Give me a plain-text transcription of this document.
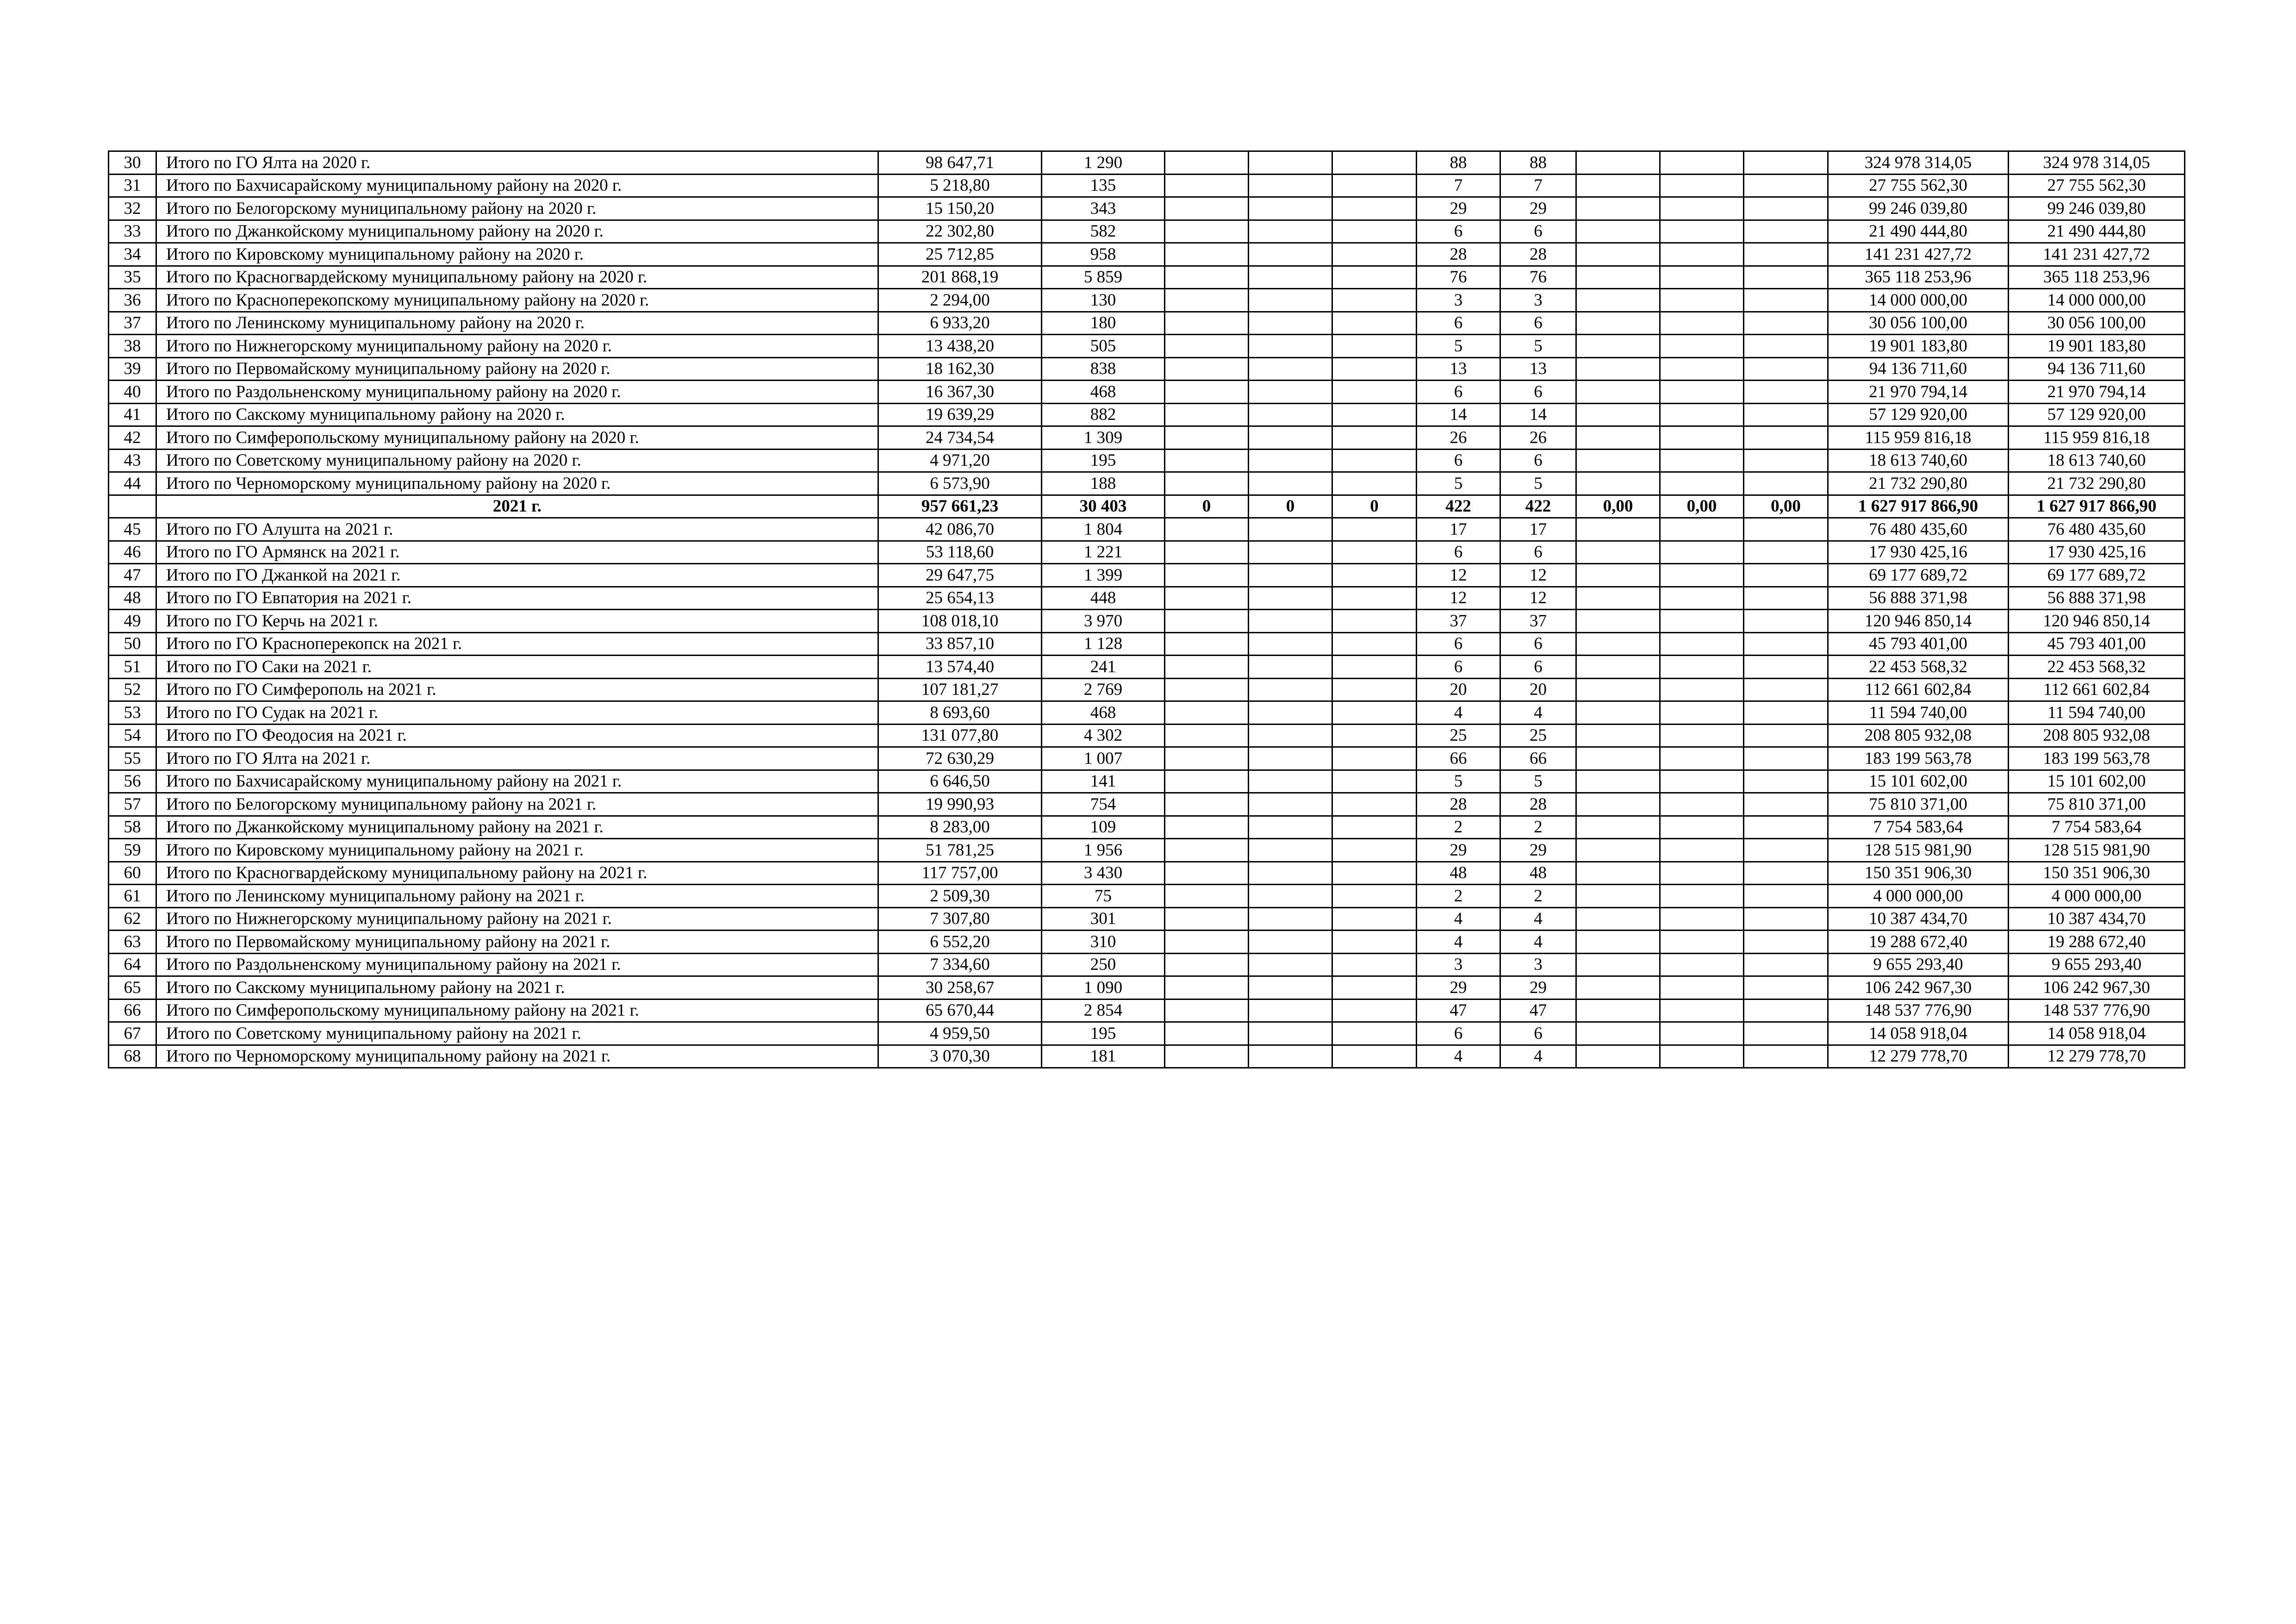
30	Итого по ГО Ялта на 2020 г.	98 647,71	1 290				88	88				324 978 314,05	324 978 314,05
31	Итого по Бахчисарайскому муниципальному району на 2020 г.	5 218,80	135				7	7				27 755 562,30	27 755 562,30
32	Итого по Белогорскому муниципальному району на 2020 г.	15 150,20	343				29	29				99 246 039,80	99 246 039,80
33	Итого по Джанкойскому муниципальному району на 2020 г.	22 302,80	582				6	6				21 490 444,80	21 490 444,80
34	Итого по Кировскому муниципальному району на 2020 г.	25 712,85	958				28	28				141 231 427,72	141 231 427,72
35	Итого по Красногвардейскому муниципальному району на 2020 г.	201 868,19	5 859				76	76				365 118 253,96	365 118 253,96
36	Итого по Красноперекопскому муниципальному району на 2020 г.	2 294,00	130				3	3				14 000 000,00	14 000 000,00
37	Итого по Ленинскому муниципальному району на 2020 г.	6 933,20	180				6	6				30 056 100,00	30 056 100,00
38	Итого по Нижнегорскому муниципальному району на 2020 г.	13 438,20	505				5	5				19 901 183,80	19 901 183,80
39	Итого по Первомайскому муниципальному району на 2020 г.	18 162,30	838				13	13				94 136 711,60	94 136 711,60
40	Итого по Раздольненскому муниципальному району на 2020 г.	16 367,30	468				6	6				21 970 794,14	21 970 794,14
41	Итого по Сакскому муниципальному району на 2020 г.	19 639,29	882				14	14				57 129 920,00	57 129 920,00
42	Итого по Симферопольскому муниципальному району на 2020 г.	24 734,54	1 309				26	26				115 959 816,18	115 959 816,18
43	Итого по Советскому муниципальному району на 2020 г.	4 971,20	195				6	6				18 613 740,60	18 613 740,60
44	Итого по Черноморскому муниципальному району на 2020 г.	6 573,90	188				5	5				21 732 290,80	21 732 290,80
	2021 г.	957 661,23	30 403	0	0	0	422	422	0,00	0,00	0,00	1 627 917 866,90	1 627 917 866,90
45	Итого по ГО Алушта на 2021 г.	42 086,70	1 804				17	17				76 480 435,60	76 480 435,60
46	Итого по ГО Армянск на 2021 г.	53 118,60	1 221				6	6				17 930 425,16	17 930 425,16
47	Итого по ГО Джанкой на 2021 г.	29 647,75	1 399				12	12				69 177 689,72	69 177 689,72
48	Итого по ГО Евпатория на 2021 г.	25 654,13	448				12	12				56 888 371,98	56 888 371,98
49	Итого по ГО Керчь на 2021 г.	108 018,10	3 970				37	37				120 946 850,14	120 946 850,14
50	Итого по ГО Красноперекопск на 2021 г.	33 857,10	1 128				6	6				45 793 401,00	45 793 401,00
51	Итого по ГО Саки на 2021 г.	13 574,40	241				6	6				22 453 568,32	22 453 568,32
52	Итого по ГО Симферополь на 2021 г.	107 181,27	2 769				20	20				112 661 602,84	112 661 602,84
53	Итого по ГО Судак на 2021 г.	8 693,60	468				4	4				11 594 740,00	11 594 740,00
54	Итого по ГО Феодосия на 2021 г.	131 077,80	4 302				25	25				208 805 932,08	208 805 932,08
55	Итого по ГО Ялта на 2021 г.	72 630,29	1 007				66	66				183 199 563,78	183 199 563,78
56	Итого по Бахчисарайскому муниципальному району на 2021 г.	6 646,50	141				5	5				15 101 602,00	15 101 602,00
57	Итого по Белогорскому муниципальному району на 2021 г.	19 990,93	754				28	28				75 810 371,00	75 810 371,00
58	Итого по Джанкойскому муниципальному району на 2021 г.	8 283,00	109				2	2				7 754 583,64	7 754 583,64
59	Итого по Кировскому муниципальному району на 2021 г.	51 781,25	1 956				29	29				128 515 981,90	128 515 981,90
60	Итого по Красногвардейскому муниципальному району на 2021 г.	117 757,00	3 430				48	48				150 351 906,30	150 351 906,30
61	Итого по Ленинскому муниципальному району на 2021 г.	2 509,30	75				2	2				4 000 000,00	4 000 000,00
62	Итого по Нижнегорскому муниципальному району на 2021 г.	7 307,80	301				4	4				10 387 434,70	10 387 434,70
63	Итого по Первомайскому муниципальному району на 2021 г.	6 552,20	310				4	4				19 288 672,40	19 288 672,40
64	Итого по Раздольненскому муниципальному району на 2021 г.	7 334,60	250				3	3				9 655 293,40	9 655 293,40
65	Итого по Сакскому муниципальному району на 2021 г.	30 258,67	1 090				29	29				106 242 967,30	106 242 967,30
66	Итого по Симферопольскому муниципальному району на 2021 г.	65 670,44	2 854				47	47				148 537 776,90	148 537 776,90
67	Итого по Советскому муниципальному району на 2021 г.	4 959,50	195				6	6				14 058 918,04	14 058 918,04
68	Итого по Черноморскому муниципальному району на 2021 г.	3 070,30	181				4	4				12 279 778,70	12 279 778,70
